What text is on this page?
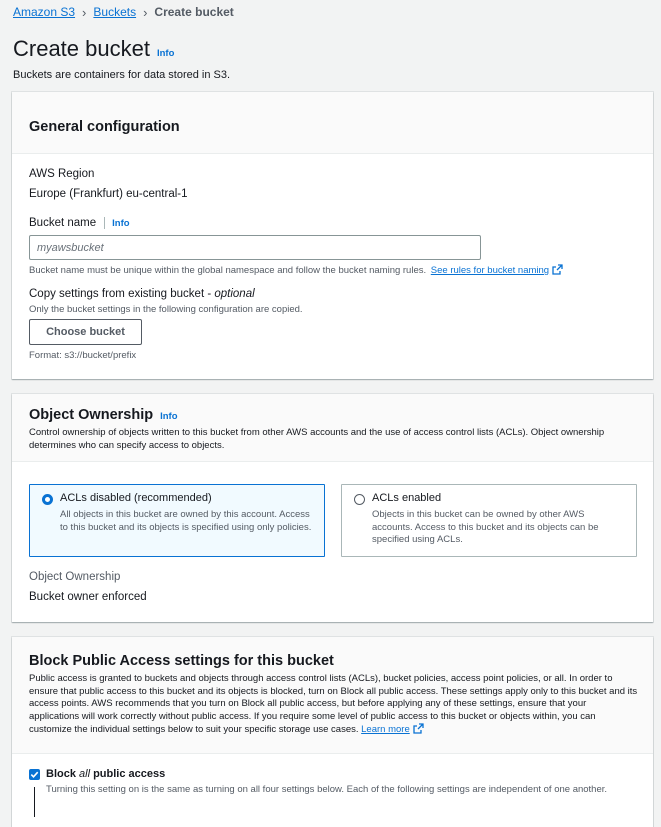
Amazon S3 › Buckets › Create bucket
Create bucket Info
Buckets are containers for data stored in S3.
General configuration
AWS Region
Europe (Frankfurt) eu-central-1
Bucket name Info
myawsbucket
Bucket name must be unique within the global namespace and follow the bucket naming rules. See rules for bucket naming
Copy settings from existing bucket - optional
Only the bucket settings in the following configuration are copied.
Choose bucket
Format: s3://bucket/prefix
Object Ownership Info
Control ownership of objects written to this bucket from other AWS accounts and the use of access control lists (ACLs). Object ownership determines who can specify access to objects.
ACLs disabled (recommended)
All objects in this bucket are owned by this account. Access to this bucket and its objects is specified using only policies.
ACLs enabled
Objects in this bucket can be owned by other AWS accounts. Access to this bucket and its objects can be specified using ACLs.
Object Ownership
Bucket owner enforced
Block Public Access settings for this bucket
Public access is granted to buckets and objects through access control lists (ACLs), bucket policies, access point policies, or all. In order to ensure that public access to this bucket and its objects is blocked, turn on Block all public access. These settings apply only to this bucket and its access points. AWS recommends that you turn on Block all public access, but before applying any of these settings, ensure that your applications will work correctly without public access. If you require some level of public access to this bucket or objects within, you can customize the individual settings below to suit your specific storage use cases. Learn more
Block all public access
Turning this setting on is the same as turning on all four settings below. Each of the following settings are independent of one another.
